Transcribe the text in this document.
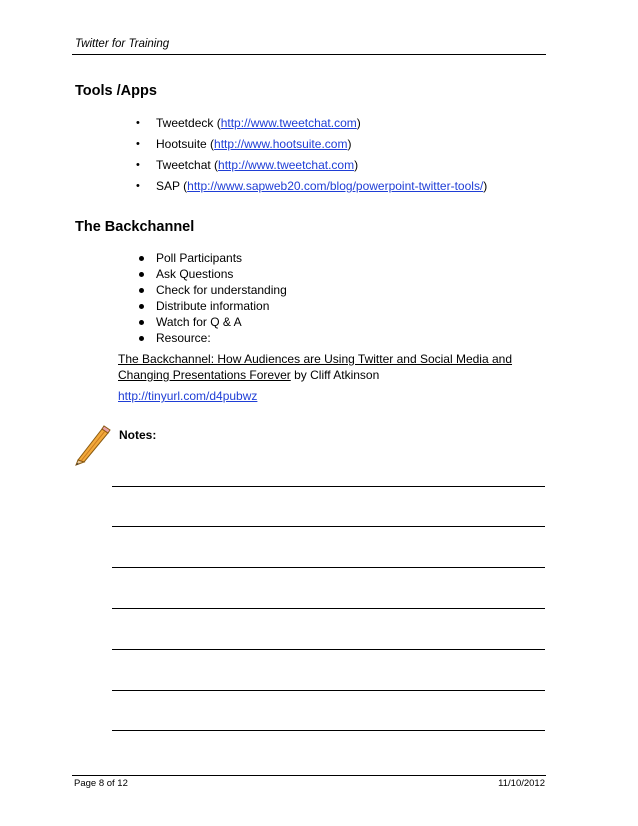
Twitter for Training
Tools /Apps
• Tweetdeck (http://www.tweetchat.com)
• Hootsuite (http://www.hootsuite.com)
• Tweetchat (http://www.tweetchat.com)
• SAP (http://www.sapweb20.com/blog/powerpoint-twitter-tools/)
The Backchannel
Poll Participants
Ask Questions
Check for understanding
Distribute information
Watch for Q & A
Resource:
The Backchannel: How Audiences are Using Twitter and Social Media and
Changing Presentations Forever by Cliff Atkinson
http://tinyurl.com/d4pubwz
Notes:
Page 8 of 12	11/10/2012
